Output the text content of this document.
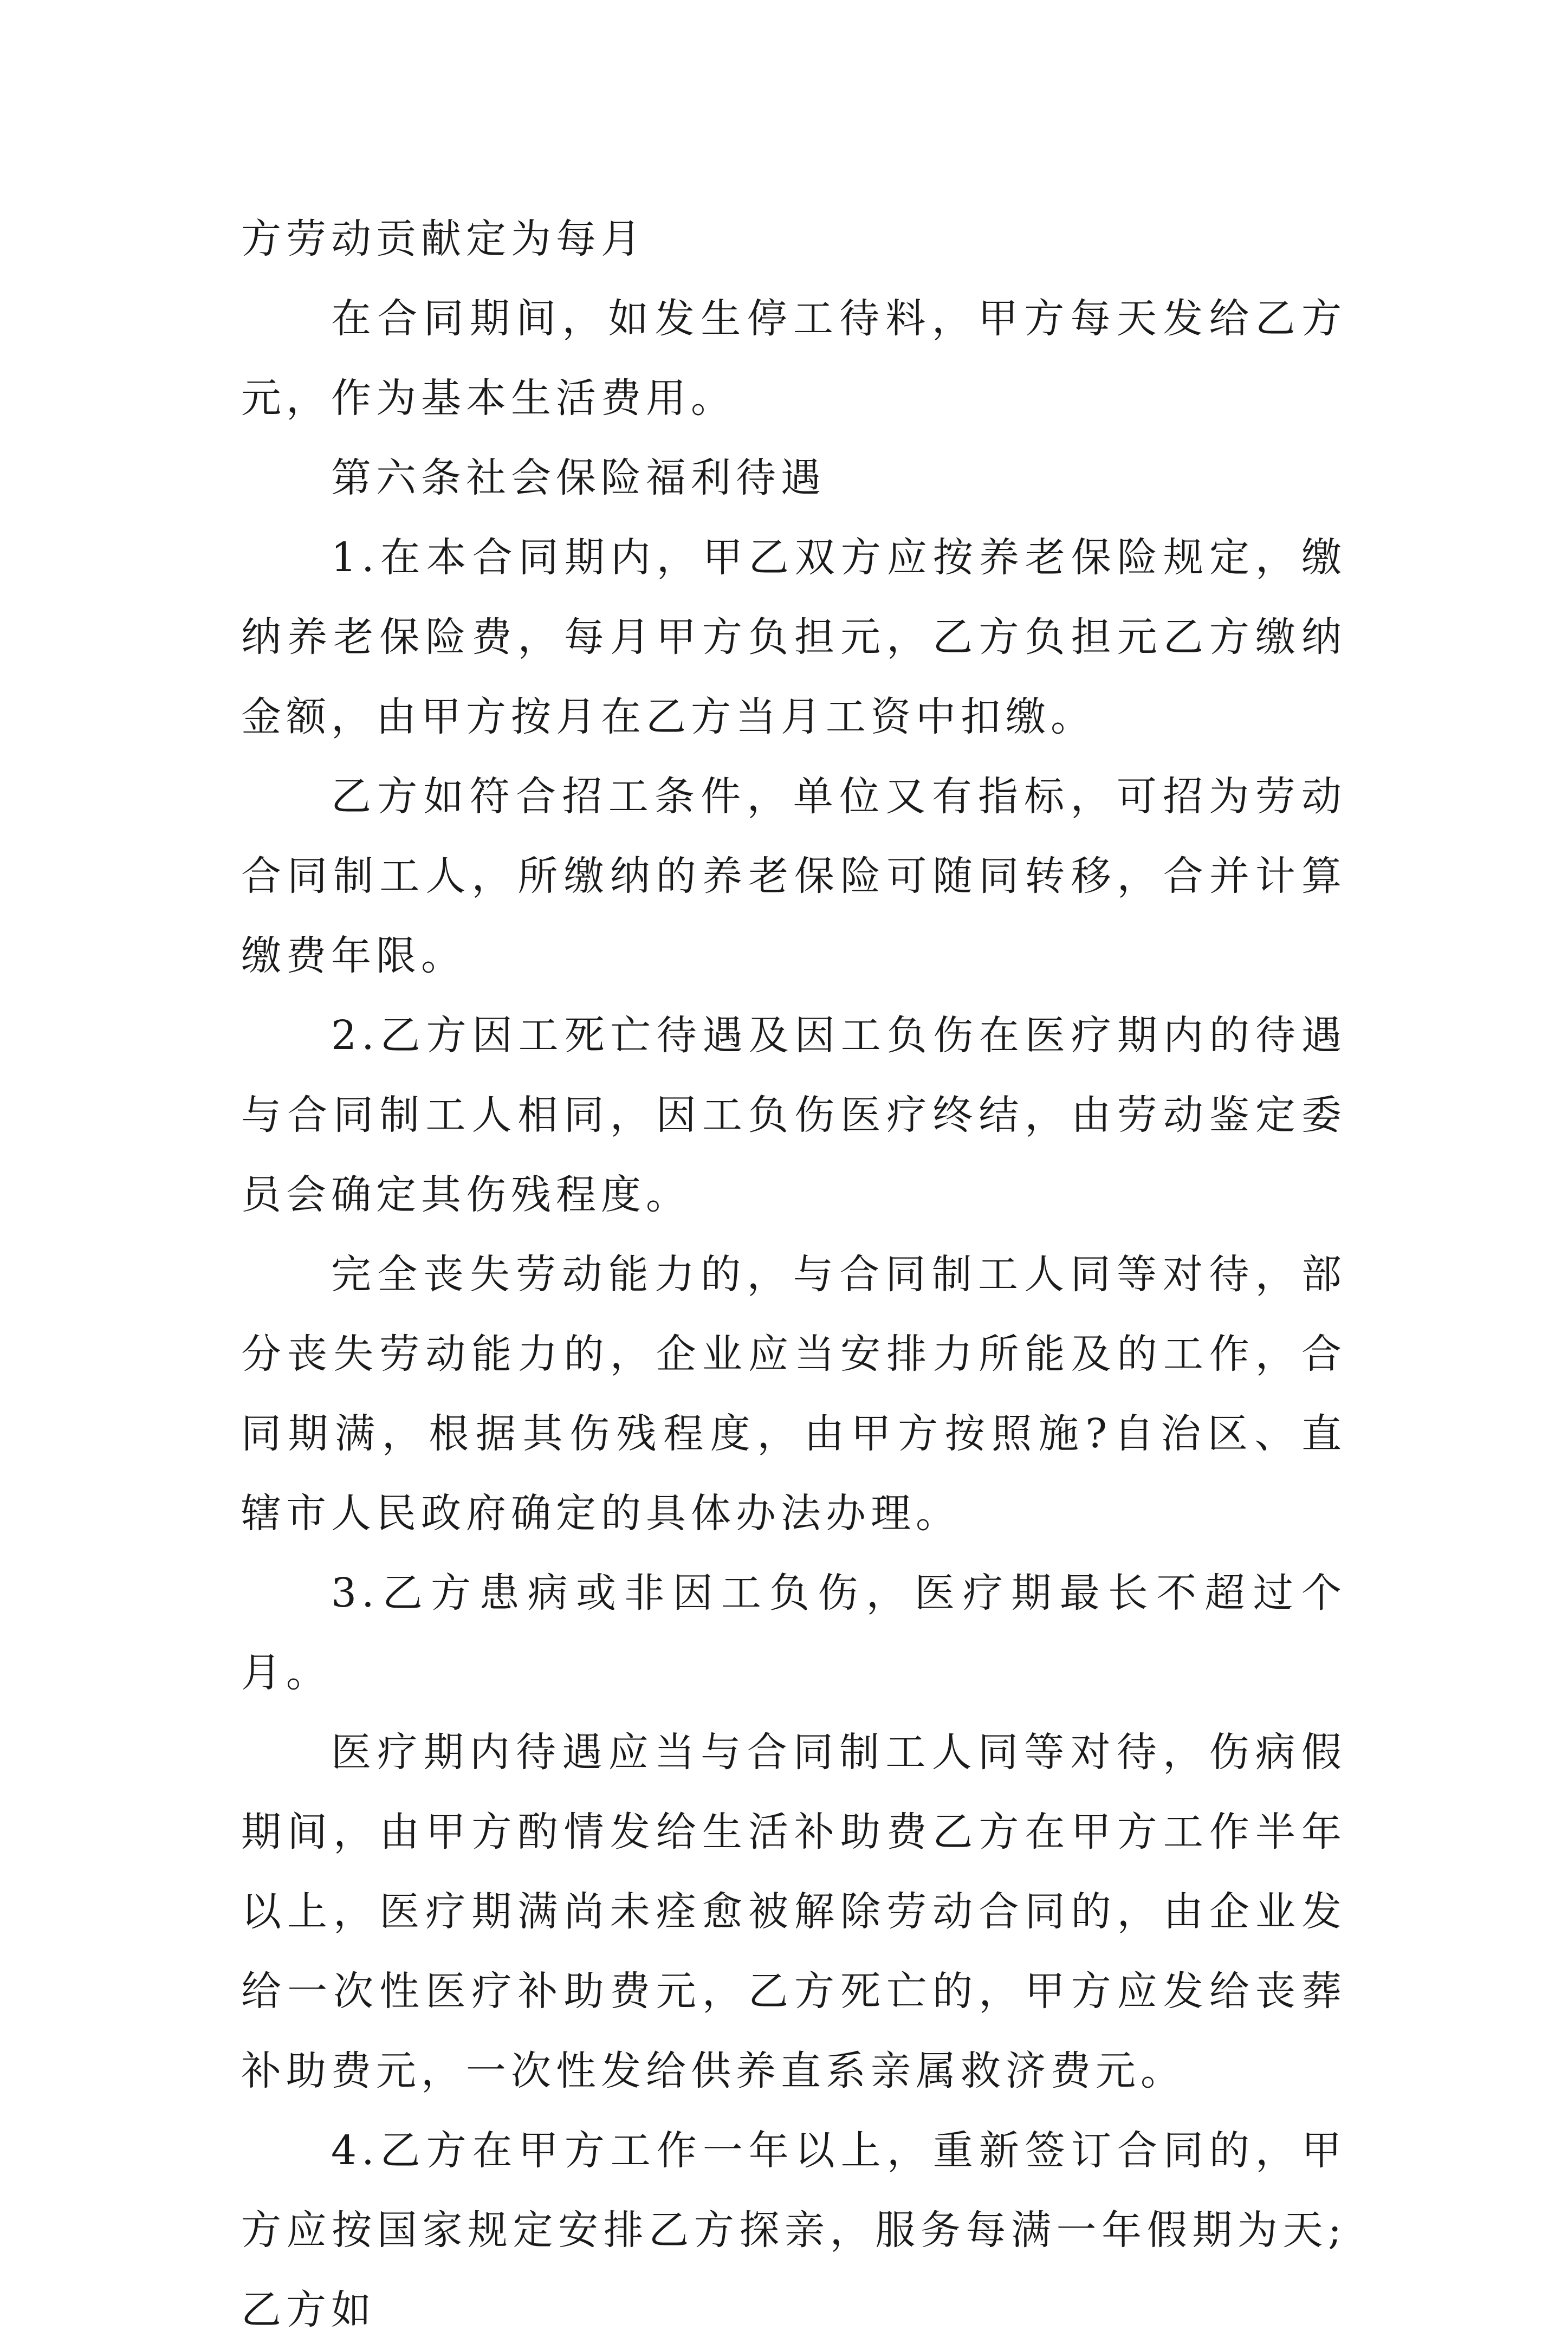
方劳动贡献定为每月

在合同期间，如发生停工待料，甲方每天发给乙方元，作为基本生活费用。

第六条社会保险福利待遇

1.在本合同期内，甲乙双方应按养老保险规定，缴纳养老保险费，每月甲方负担元，乙方负担元乙方缴纳金额，由甲方按月在乙方当月工资中扣缴。

乙方如符合招工条件，单位又有指标，可招为劳动合同制工人，所缴纳的养老保险可随同转移，合并计算缴费年限。

2.乙方因工死亡待遇及因工负伤在医疗期内的待遇与合同制工人相同，因工负伤医疗终结，由劳动鉴定委员会确定其伤残程度。

完全丧失劳动能力的，与合同制工人同等对待，部分丧失劳动能力的，企业应当安排力所能及的工作，合同期满，根据其伤残程度，由甲方按照施?自治区、直辖市人民政府确定的具体办法办理。

3.乙方患病或非因工负伤，医疗期最长不超过个月。

医疗期内待遇应当与合同制工人同等对待，伤病假期间，由甲方酌情发给生活补助费乙方在甲方工作半年以上，医疗期满尚未痊愈被解除劳动合同的，由企业发给一次性医疗补助费元，乙方死亡的，甲方应发给丧葬补助费元，一次性发给供养直系亲属救济费元。

4.乙方在甲方工作一年以上，重新签订合同的，甲方应按国家规定安排乙方探亲，服务每满一年假期为天;乙方如
